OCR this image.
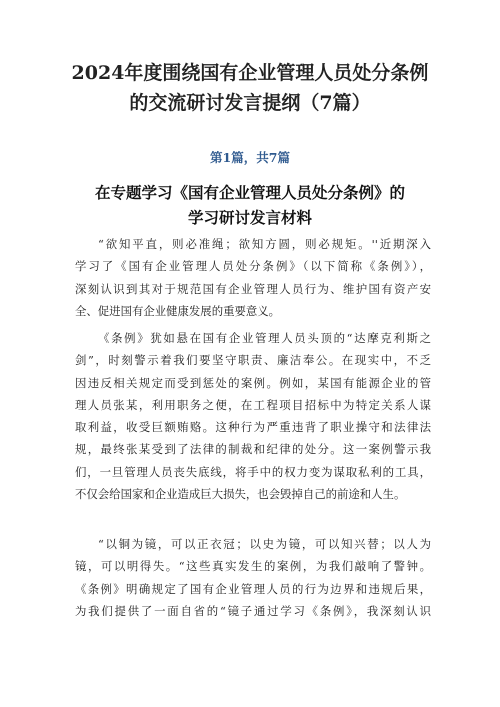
2024年度围绕国有企业管理人员处分条例
的交流研讨发言提纲（7篇）
第1篇，共7篇
在专题学习《国有企业管理人员处分条例》的
学习研讨发言材料
“欲知平直，则必准绳；欲知方圆，则必规矩。''近期深入
学习了《国有企业管理人员处分条例》（以下简称《条例》），
深刻认识到其对于规范国有企业管理人员行为、维护国有资产安
全、促进国有企业健康发展的重要意义。
《条例》犹如悬在国有企业管理人员头顶的“达摩克利斯之
剑”，时刻警示着我们要坚守职责、廉洁奉公。在现实中，不乏
因违反相关规定而受到惩处的案例。例如，某国有能源企业的管
理人员张某，利用职务之便，在工程项目招标中为特定关系人谋
取利益，收受巨额贿赂。这种行为严重违背了职业操守和法律法
规，最终张某受到了法律的制裁和纪律的处分。这一案例警示我
们，一旦管理人员丧失底线，将手中的权力变为谋取私利的工具，
不仅会给国家和企业造成巨大损失，也会毁掉自己的前途和人生。
“以铜为镜，可以正衣冠；以史为镜，可以知兴替；以人为
镜，可以明得失。“这些真实发生的案例，为我们敲响了警钟。
《条例》明确规定了国有企业管理人员的行为边界和违规后果，
为我们提供了一面自省的“镜子通过学习《条例》，我深刻认识
